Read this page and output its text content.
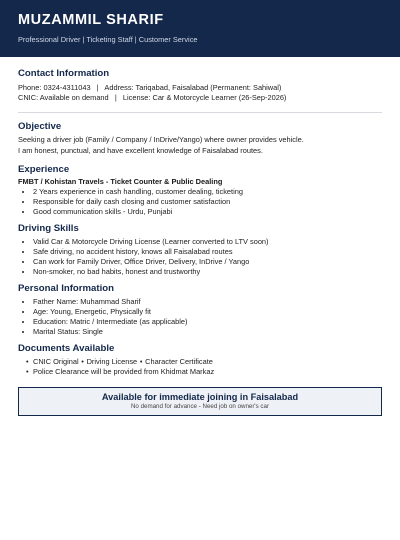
MUZAMMIL SHARIF
Professional Driver | Ticketing Staff | Customer Service
Contact Information
Phone: 0324-4311043   |   Address: Tariqabad, Faisalabad (Permanent: Sahiwal)
CNIC: Available on demand   |   License: Car & Motorcycle Learner (26-Sep-2026)
Objective
Seeking a driver job (Family / Company / InDrive/Yango) where owner provides vehicle.
I am honest, punctual, and have excellent knowledge of Faisalabad routes.
Experience
FMBT / Kohistan Travels - Ticket Counter & Public Dealing
• 2 Years experience in cash handling, customer dealing, ticketing
• Responsible for daily cash closing and customer satisfaction
• Good communication skills - Urdu, Punjabi
Driving Skills
• Valid Car & Motorcycle Driving License (Learner converted to LTV soon)
• Safe driving, no accident history, knows all Faisalabad routes
• Can work for Family Driver, Office Driver, Delivery, InDrive / Yango
• Non-smoker, no bad habits, honest and trustworthy
Personal Information
• Father Name: Muhammad Sharif
• Age: Young, Energetic, Physically fit
• Education: Matric / Intermediate (as applicable)
• Marital Status: Single
Documents Available
• CNIC Original • Driving License • Character Certificate
• Police Clearance will be provided from Khidmat Markaz
Available for immediate joining in Faisalabad
No demand for advance - Need job on owner's car
